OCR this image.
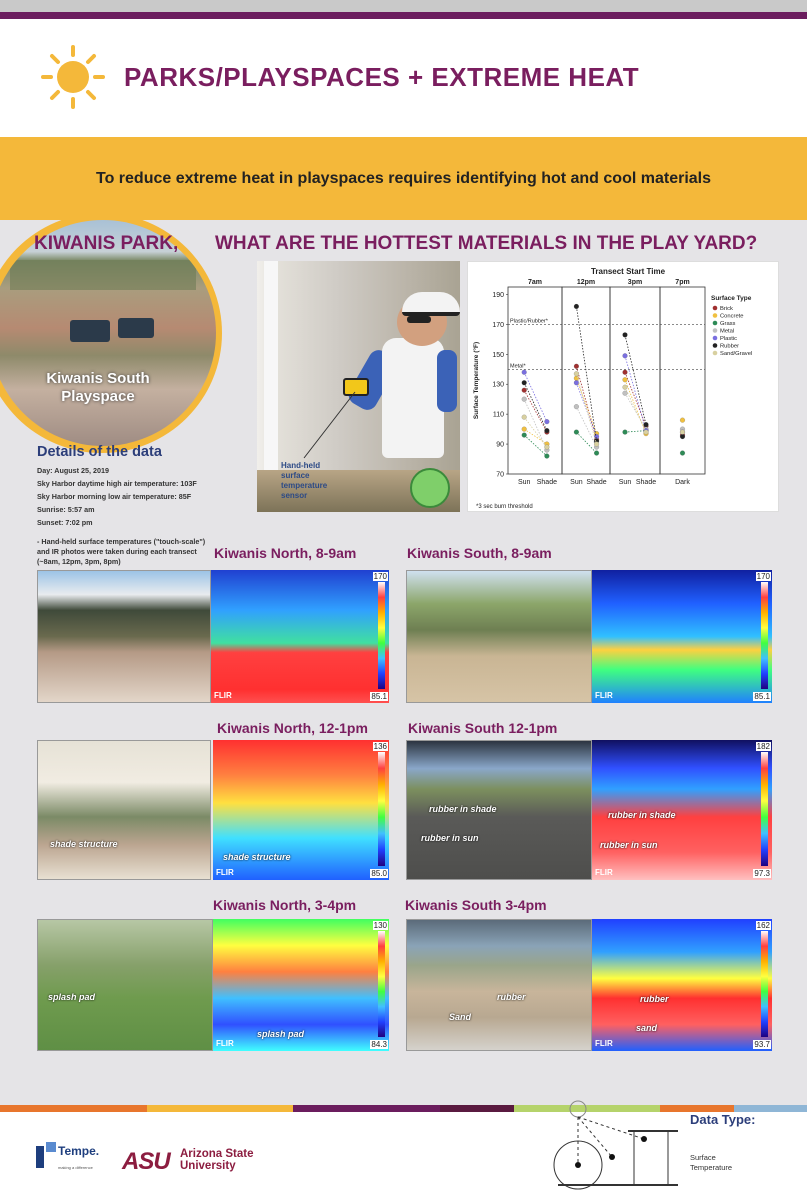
PARKS/PLAYSPACES + EXTREME HEAT
To reduce extreme heat in playspaces requires identifying hot and cool materials
Kiwanis South Playspace
KIWANIS PARK, WHAT ARE THE HOTTEST MATERIALS IN THE PLAY YARD?
Hand-held
surface
temperature
sensor
Transect Start Time
7am
Sun Shade
12pm
Sun Shade
3pm
Sun Shade
7pm
Dark
70
90
110
130
150
170
190
Surface Temperature (°F)
Plastic/Rubber*
Metal*
Surface Type
Brick
Concrete
Grass
Metal
Plastic
Rubber
Sand/Gravel
*3 sec burn threshold
Details of the data

Day: August 25, 2019

Sky Harbor daytime high air temperature: 103F

Sky Harbor morning low air temperature: 85F

Sunrise: 5:57 am

Sunset: 7:02 pm

- Hand-held surface temperatures ("touch-scale") and IR photos were taken during each transect (~8am, 12pm, 3pm, 8pm)

Kiwanis North, 8-9am
170
85.1
FLIR
Kiwanis South, 8-9am
170
85.1
FLIR
Kiwanis North, 12-1pm
shade structure
136
85.0
FLIR
shade structure
Kiwanis South 12-1pm
rubber in shade
rubber in sun
182
97.3
FLIR
rubber in shade
rubber in sun
Kiwanis North, 3-4pm
splash pad
130
84.3
FLIR
splash pad
Kiwanis South 3-4pm
rubber
Sand
162
93.7
FLIR
rubber
sand
Tempe.
making a difference ASU Arizona State
University
Data Type:
Surface
Temperature
